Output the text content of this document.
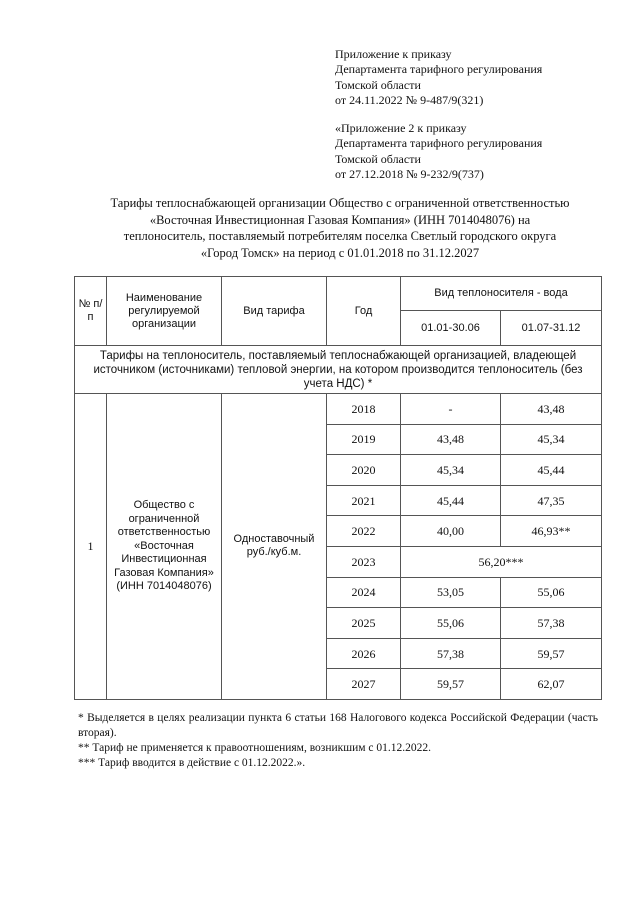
Приложение к приказу
Департамента тарифного регулирования
Томской области
от 24.11.2022 № 9-487/9(321)
«Приложение 2 к приказу
Департамента тарифного регулирования
Томской области
от 27.12.2018 № 9-232/9(737)
Тарифы теплоснабжающей организации Общество с ограниченной ответственностью
«Восточная Инвестиционная Газовая Компания» (ИНН 7014048076) на
теплоноситель, поставляемый потребителям поселка Светлый городского округа
«Город Томск» на период с 01.01.2018 по 31.12.2027
№ п/п	Наименование регулируемой организации	Вид тарифа	Год	Вид теплоносителя - вода	
				01.01-30.06	01.07-31.12
Тарифы на теплоноситель, поставляемый теплоснабжающей организацией, владеющей источником (источниками) тепловой энергии, на котором производится теплоноситель (без учета НДС) *					
1	Общество с ограниченной ответственностью «Восточная Инвестиционная Газовая Компания» (ИНН 7014048076)	Одноставочный руб./куб.м.	2018	-	43,48
			2019	43,48	45,34
			2020	45,34	45,44
			2021	45,44	47,35
			2022	40,00	46,93**
			2023	56,20***	
			2024	53,05	55,06
			2025	55,06	57,38
			2026	57,38	59,57
			2027	59,57	62,07
* Выделяется в целях реализации пункта 6 статьи 168 Налогового кодекса Российской Федерации (часть вторая).
** Тариф не применяется к правоотношениям, возникшим с 01.12.2022.
*** Тариф вводится в действие с 01.12.2022.».
